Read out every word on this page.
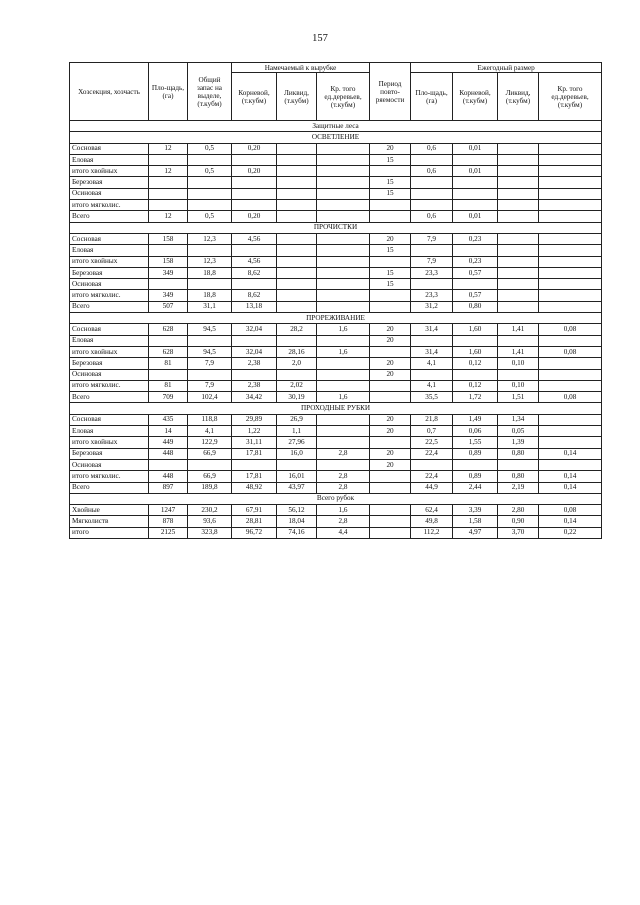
157
Хозсекция, хозчасть	Пло-щадь, (га)	Общий запас на выделе, (т.кубм)	Намечаемый к вырубке			Период повто-ряемости	Ежегодный размер			
			Корневой, (т.кубм)	Ликвид, (т.кубм)	Кр. того ед.деревьев, (т.кубм)		Пло-щадь, (га)	Корневой, (т.кубм)	Ликвид, (т.кубм)	Кр. того ед.деревьев, (т.кубм)
Защитные леса										
ОСВЕТЛЕНИЕ										
Сосновая	12	0,5	0,20			20	0,6	0,01		
Еловая						15				
итого хвойных	12	0,5	0,20				0,6	0,01		
Березовая						15				
Осиновая						15				
итого мягколис.										
Всего	12	0,5	0,20				0,6	0,01		
ПРОЧИСТКИ										
Сосновая	158	12,3	4,56			20	7,9	0,23		
Еловая						15				
итого хвойных	158	12,3	4,56				7,9	0,23		
Березовая	349	18,8	8,62			15	23,3	0,57		
Осиновая						15				
итого мягколис.	349	18,8	8,62				23,3	0,57		
Всего	507	31,1	13,18				31,2	0,80		
ПРОРЕЖИВАНИЕ										
Сосновая	628	94,5	32,04	28,2	1,6	20	31,4	1,60	1,41	0,08
Еловая						20				
итого хвойных	628	94,5	32,04	28,16	1,6		31,4	1,60	1,41	0,08
Березовая	81	7,9	2,38	2,0		20	4,1	0,12	0,10	
Осиновая						20				
итого мягколис.	81	7,9	2,38	2,02			4,1	0,12	0,10	
Всего	709	102,4	34,42	30,19	1,6		35,5	1,72	1,51	0,08
ПРОХОДНЫЕ РУБКИ										
Сосновая	435	118,8	29,89	26,9		20	21,8	1,49	1,34	
Еловая	14	4,1	1,22	1,1		20	0,7	0,06	0,05	
итого хвойных	449	122,9	31,11	27,96			22,5	1,55	1,39	
Березовая	448	66,9	17,81	16,0	2,8	20	22,4	0,89	0,80	0,14
Осиновая						20				
итого мягколис.	448	66,9	17,81	16,01	2,8		22,4	0,89	0,80	0,14
Всего	897	189,8	48,92	43,97	2,8		44,9	2,44	2,19	0,14
Всего рубок										
Хвойные	1247	230,2	67,91	56,12	1,6		62,4	3,39	2,80	0,08
Мягколиств	878	93,6	28,81	18,04	2,8		49,8	1,58	0,90	0,14
итого	2125	323,8	96,72	74,16	4,4		112,2	4,97	3,70	0,22
